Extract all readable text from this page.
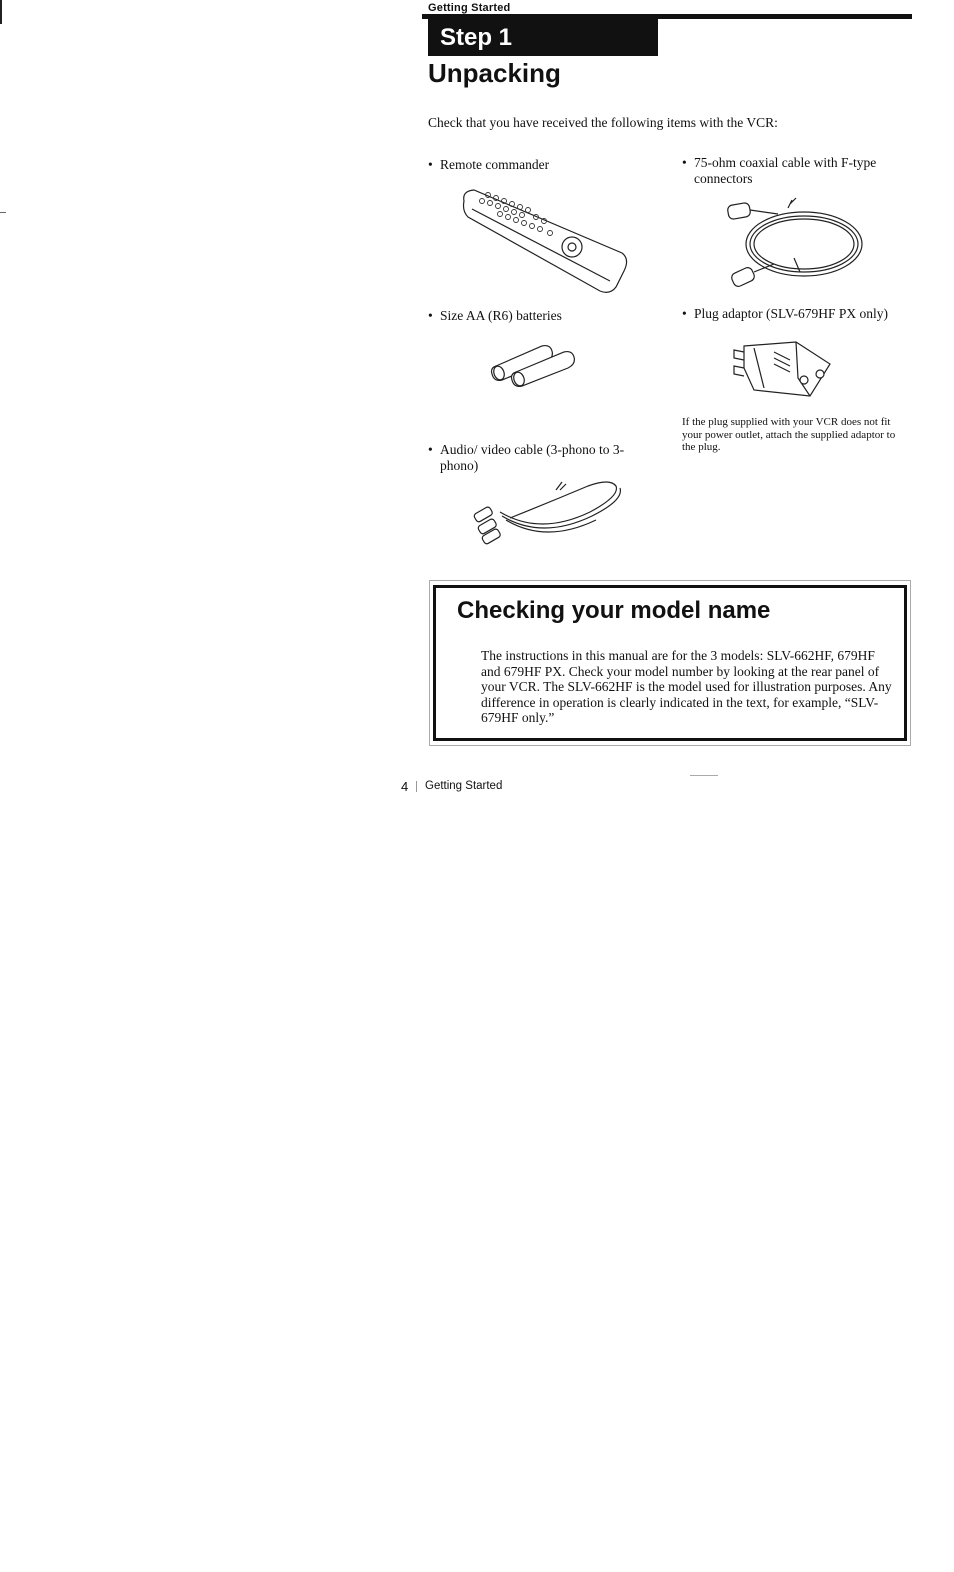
Getting Started
Step 1
Unpacking
Check that you have received the following items with the VCR:
• Remote commander	• 75-ohm coaxial cable with F-type connectors
• Size AA (R6) batteries	• Plug adaptor (SLV-679HF PX only)
If the plug supplied with your VCR does not fit your power outlet, attach the supplied adaptor to the plug.
• Audio/ video cable (3-phono to 3-phono)
Checking your model name
The instructions in this manual are for the 3 models: SLV-662HF, 679HF and 679HF PX. Check your model number by looking at the rear panel of your VCR. The SLV-662HF is the model used for illustration purposes. Any difference in operation is clearly indicated in the text, for example, “SLV-679HF only.”
4 Getting Started
